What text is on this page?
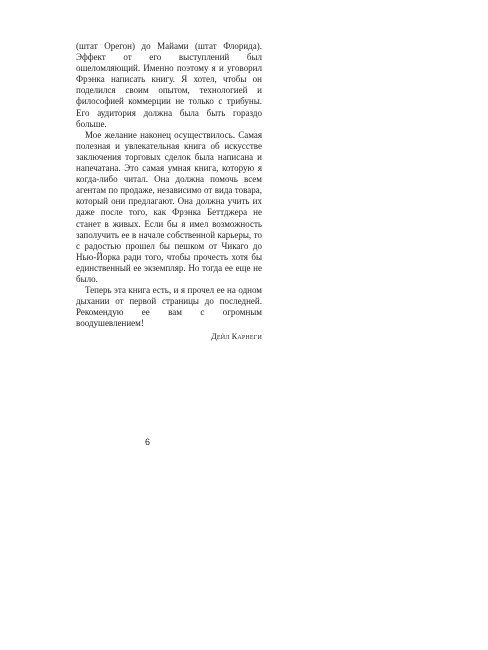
(штат Орегон) до Майами (штат Флорида). Эффект от его выступлений был ошеломляющий. Именно поэтому я и уговорил Фрэнка написать книгу. Я хотел, чтобы он поделился своим опытом, технологией и философией коммерции не только с трибуны. Его аудитория должна была быть гораздо больше.

Мое желание наконец осуществилось. Самая полезная и увлекательная книга об искусстве заключения торговых сделок была написана и напечатана. Это самая умная книга, которую я когда-либо читал. Она должна помочь всем агентам по продаже, независимо от вида товара, который они предлагают. Она должна учить их даже после того, как Фрэнка Беттджера не станет в живых. Если бы я имел возможность заполучить ее в начале собственной карьеры, то с радостью прошел бы пешком от Чикаго до Нью-Йорка ради того, чтобы прочесть хотя бы единственный ее экземпляр. Но тогда ее еще не было.

Теперь эта книга есть, и я прочел ее на одном дыхании от первой страницы до последней. Рекомендую ее вам с огромным воодушевлением!

Дейл Карнеги

6
